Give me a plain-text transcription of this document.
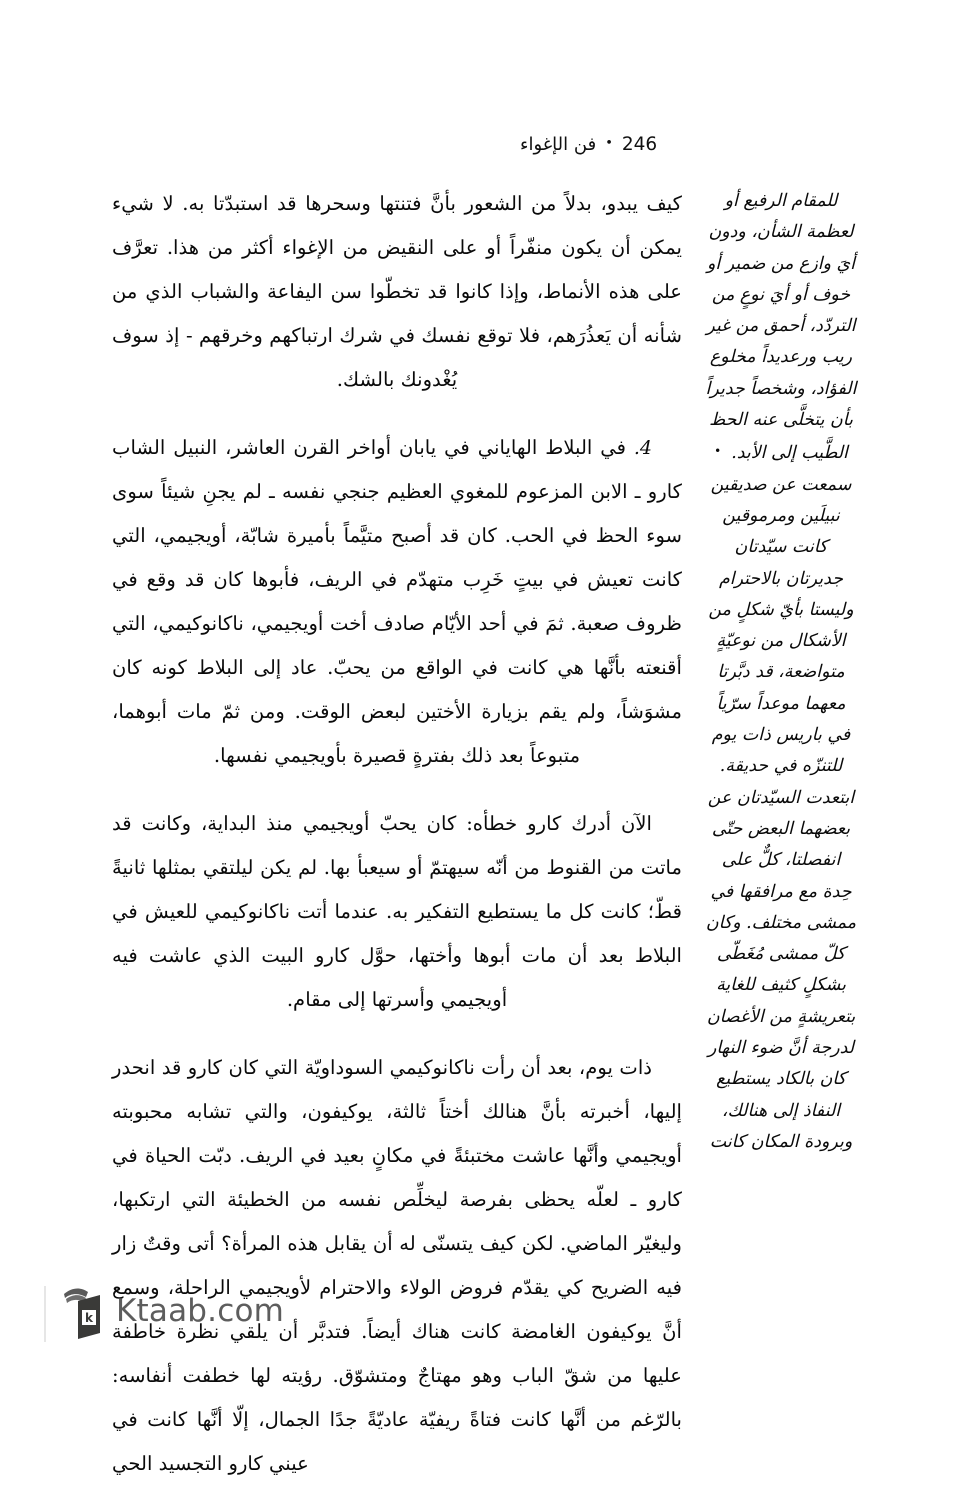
246•فن الإغواء

كيف يبدو، بدلاً من الشعور بأنَّ فتنتها وسحرها قد استبدّتا به. لا شيء يمكن أن يكون منفّراً أو على النقيض من الإغواء أكثر من هذا. تعرَّف على هذه الأنماط، وإذا كانوا قد تخطّوا سن اليفاعة والشباب الذي من شأنه أن يَعذُرَهم، فلا توقع نفسك في شرك ارتباكهم وخرقهم - إذ سوف يُغْدونك بالشك.

4. في البلاط الهاياني في يابان أواخر القرن العاشر، النبيل الشاب كارو ـ الابن المزعوم للمغوي العظيم جنجي نفسه ـ لم يجنِ شيئاً سوى سوء الحظ في الحب. كان قد أصبح متيَّماً بأميرة شابّة، أويجيمي، التي كانت تعيش في بيتٍ خَرِب متهدّم في الريف، فأبوها كان قد وقع في ظروف صعبة. ثمَ في أحد الأيّام صادف أخت أويجيمي، ناكانوكيمي، التي أقنعته بأنَّها هي كانت في الواقع من يحبّ. عاد إلى البلاط كونه كان مشوَشاً، ولم يقم بزيارة الأختين لبعض الوقت. ومن ثمّ مات أبوهما، متبوعاً بعد ذلك بفترةٍ قصيرة بأويجيمي نفسها.

الآن أدرك كارو خطأه: كان يحبّ أويجيمي منذ البداية، وكانت قد ماتت من القنوط من أنّه سيهتمّ أو سيعبأ بها. لم يكن ليلتقي بمثلها ثانيةً قطّ؛ كانت كل ما يستطيع التفكير به. عندما أتت ناكانوكيمي للعيش في البلاط بعد أن مات أبوها وأختها، حوَّل كارو البيت الذي عاشت فيه أويجيمي وأسرتها إلى مقام.

ذات يوم، بعد أن رأت ناكانوكيمي السوداويّة التي كان كارو قد انحدر إليها، أخبرته بأنَّ هنالك أختاً ثالثة، يوكيفون، والتي تشابه محبوبته أويجيمي وأنَّها عاشت مختبئةً في مكانٍ بعيد في الريف. دبّت الحياة في كارو ـ لعلّه يحظى بفرصة ليخلِّص نفسه من الخطيئة التي ارتكبها، وليغيّر الماضي. لكن كيف يتسنّى له أن يقابل هذه المرأة؟ أتى وقتٌ زار فيه الضريح كي يقدّم فروض الولاء والاحترام لأويجيمي الراحلة، وسمع أنَّ يوكيفون الغامضة كانت هناك أيضاً. فتدبَّر أن يلقي نظرة خاطفة عليها من شقّ الباب وهو مهتاجٌ ومتشوّق. رؤيته لها خطفت أنفاسه: بالرّغم من أنَّها كانت فتاةً ريفيّة عاديّةً جدًا الجمال، إلّا أنَّها كانت في عيني كارو التجسيد الحي

للمقام الرفيع أو لعظمة الشأن، ودون أيَ وازع من ضمير أو خوف أو أيَ نوعٍ من التردّد، أحمق من غير ريب ورعديداً مخلوع الفؤاد، وشخصاً جديراً بأن يتخلَّى عنه الحظ الطَّيب إلى الأبد.•

سمعت عن صديقين نبيلَين ومرموقين كانت سيّدتان جديرتان بالاحترام وليستا بأيّ شكلٍ من الأشكال من نوعيّةٍ متواضعة، قد دبَّرتا معهما موعداً سرّياً في باريس ذات يوم للتنزّه في حديقة. ابتعدت السيّدتان عن بعضهما البعض حتّى انفصلتا، كلٌّ على حِدة مع مرافقها في ممشى مختلف. وكان كلّ ممشى مُغَطّى بشكلٍ كثيف للغاية بتعريشةٍ من الأغصان لدرجة أنَّ ضوء النهار كان بالكاد يستطيع النفاذ إلى هنالك، وبرودة المكان كانت

k Ktaab.com
